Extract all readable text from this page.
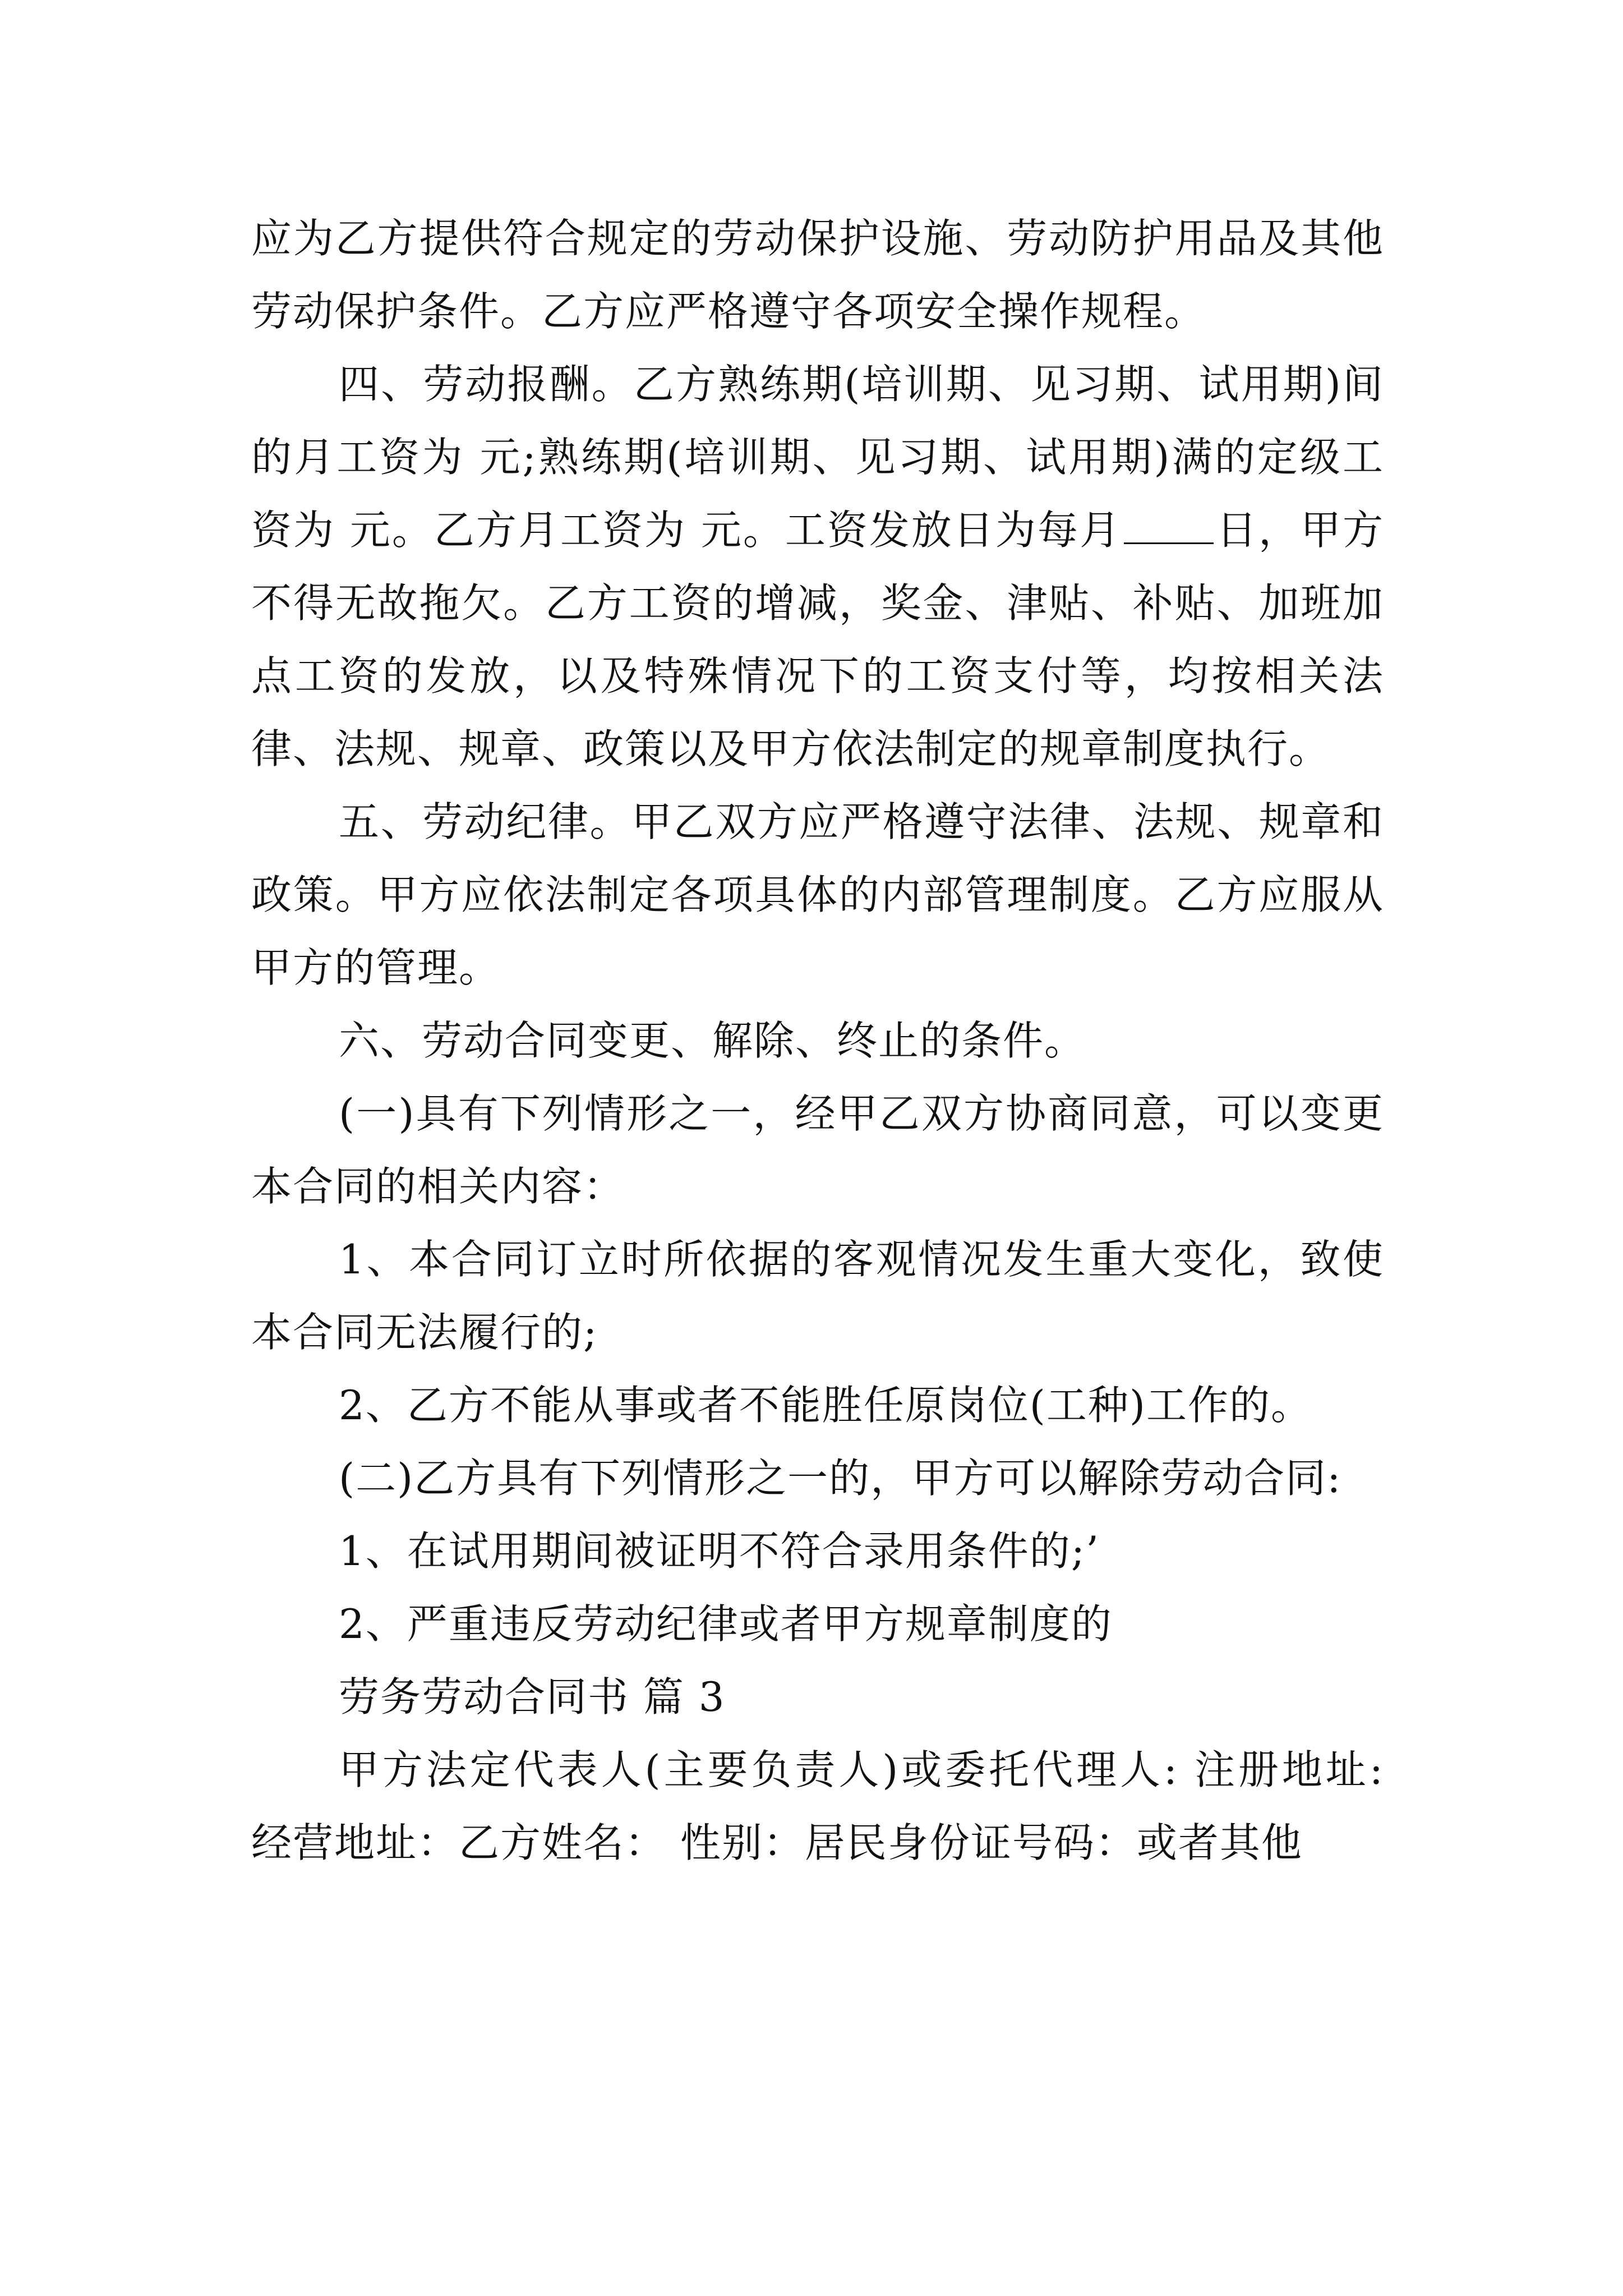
应为乙方提供符合规定的劳动保护设施、劳动防护用品及其他劳动保护条件。乙方应严格遵守各项安全操作规程。

四、劳动报酬。乙方熟练期(培训期、见习期、试用期)间的月工资为 元;熟练期(培训期、见习期、试用期)满的定级工资为 元。乙方月工资为 元。工资发放日为每月 日，甲方不得无故拖欠。乙方工资的增减，奖金、津贴、补贴、加班加点工资的发放，以及特殊情况下的工资支付等，均按相关法律、法规、规章、政策以及甲方依法制定的规章制度执行。

五、劳动纪律。甲乙双方应严格遵守法律、法规、规章和政策。甲方应依法制定各项具体的内部管理制度。乙方应服从甲方的管理。

六、劳动合同变更、解除、终止的条件。

(一)具有下列情形之一，经甲乙双方协商同意，可以变更本合同的相关内容：

1、本合同订立时所依据的客观情况发生重大变化，致使本合同无法履行的;

2、乙方不能从事或者不能胜任原岗位(工种)工作的。

(二)乙方具有下列情形之一的，甲方可以解除劳动合同:

1、在试用期间被证明不符合录用条件的;’

2、严重违反劳动纪律或者甲方规章制度的

劳务劳动合同书 篇 3

甲方法定代表人(主要负责人)或委托代理人: 注册地址: 经营地址：乙方姓名： 性别：居民身份证号码：或者其他
